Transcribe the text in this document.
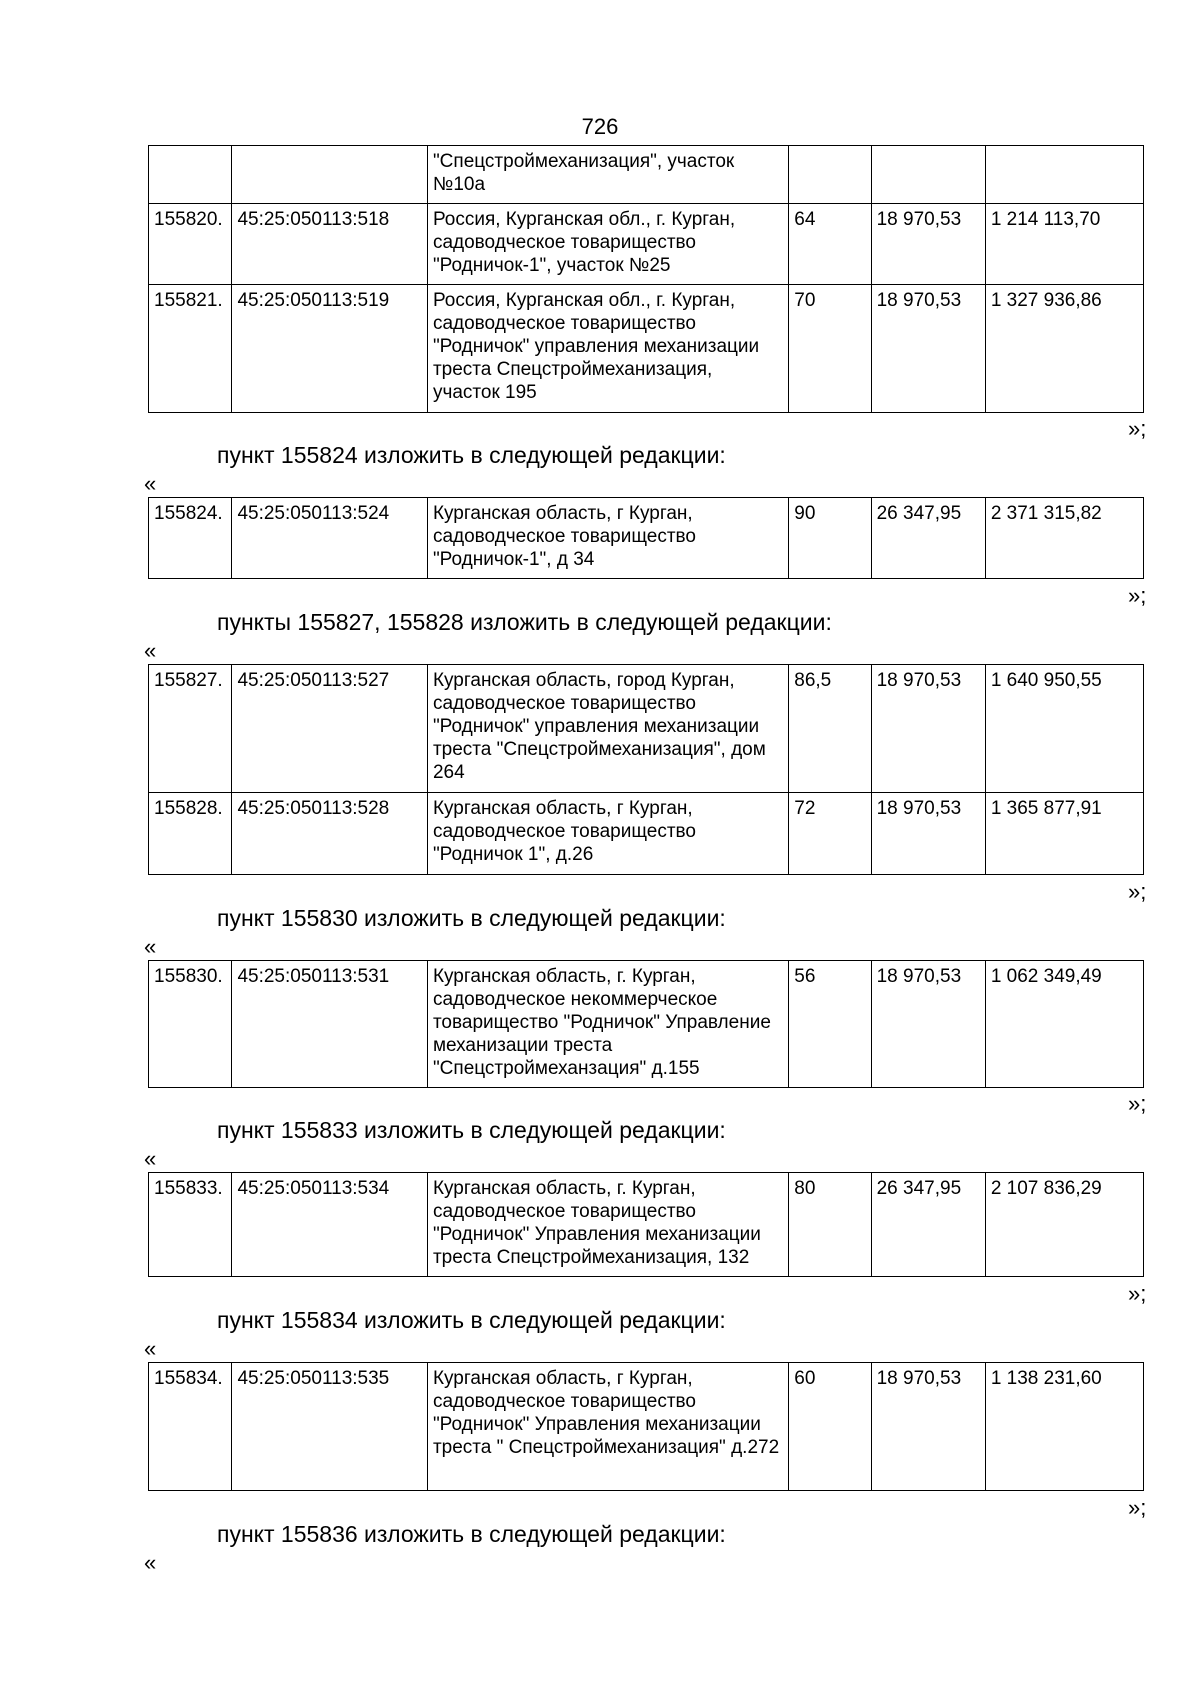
726
		"Спецстроймеханизация", участок №10а			
155820.	45:25:050113:518	Россия, Курганская обл., г. Курган, садоводческое товарищество "Родничок-1", участок №25	64	18 970,53	1 214 113,70
155821.	45:25:050113:519	Россия, Курганская обл., г. Курган, садоводческое товарищество "Родничок" управления механизации треста Спецстроймеханизация, участок 195	70	18 970,53	1 327 936,86
»;
пункт 155824 изложить в следующей редакции:
«
155824.	45:25:050113:524	Курганская область, г Курган, садоводческое товарищество "Родничок-1", д 34	90	26 347,95	2 371 315,82
»;
пункты 155827, 155828 изложить в следующей редакции:
«
155827.	45:25:050113:527	Курганская область, город Курган, садоводческое товарищество "Родничок" управления механизации треста "Спецстроймеханизация", дом 264	86,5	18 970,53	1 640 950,55
155828.	45:25:050113:528	Курганская область, г Курган, садоводческое товарищество "Родничок 1", д.26	72	18 970,53	1 365 877,91
»;
пункт 155830 изложить в следующей редакции:
«
155830.	45:25:050113:531	Курганская область, г. Курган, садоводческое некоммерческое товарищество "Родничок" Управление механизации треста "Спецстроймеханзация" д.155	56	18 970,53	1 062 349,49
»;
пункт 155833 изложить в следующей редакции:
«
155833.	45:25:050113:534	Курганская область, г. Курган, садоводческое товарищество "Родничок" Управления механизации треста Спецстроймеханизация, 132	80	26 347,95	2 107 836,29
»;
пункт 155834 изложить в следующей редакции:
«
155834.	45:25:050113:535	Курганская область, г Курган, садоводческое товарищество "Родничок" Управления механизации треста " Спецстроймеханизация" д.272	60	18 970,53	1 138 231,60
»;
пункт 155836 изложить в следующей редакции:
«
